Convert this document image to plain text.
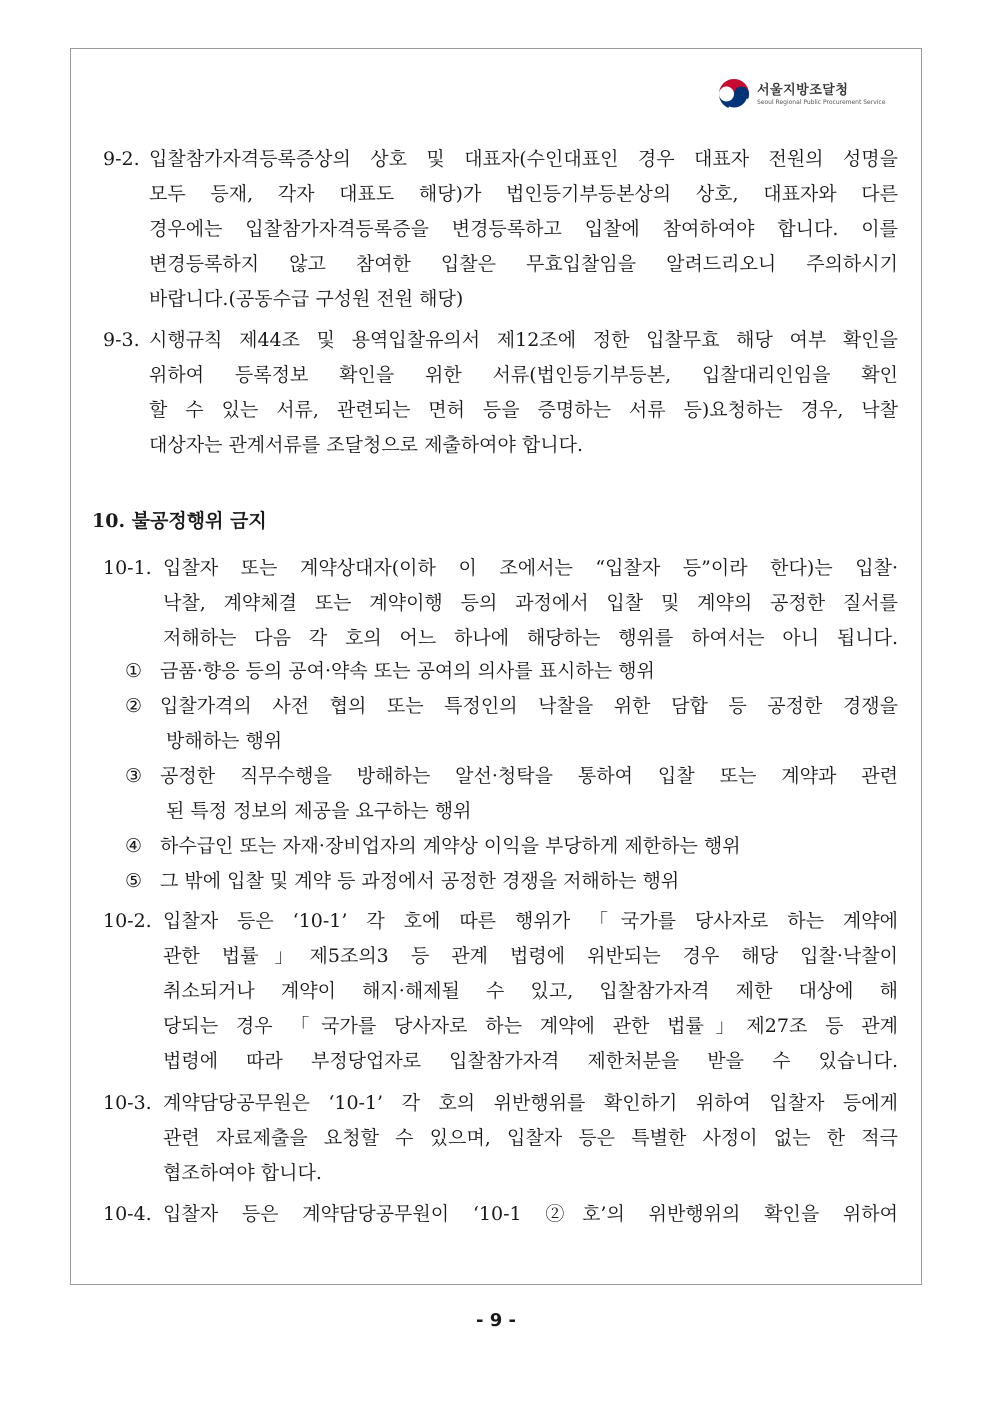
서울지방조달청
Seoul Regional Public Procurement Service
9-2. 입찰참가자격등록증상의 상호 및 대표자(수인대표인 경우 대표자 전원의 성명을
모두 등재, 각자 대표도 해당)가 법인등기부등본상의 상호, 대표자와 다른
경우에는 입찰참가자격등록증을 변경등록하고 입찰에 참여하여야 합니다. 이를
변경등록하지 않고 참여한 입찰은 무효입찰임을 알려드리오니 주의하시기
바랍니다.(공동수급 구성원 전원 해당)
9-3. 시행규칙 제44조 및 용역입찰유의서 제12조에 정한 입찰무효 해당 여부 확인을
위하여 등록정보 확인을 위한 서류(법인등기부등본, 입찰대리인임을 확인
할 수 있는 서류, 관련되는 면허 등을 증명하는 서류 등)요청하는 경우, 낙찰
대상자는 관계서류를 조달청으로 제출하여야 합니다.
10. 불공정행위 금지
10-1. 입찰자 또는 계약상대자(이하 이 조에서는 “입찰자 등”이라 한다)는 입찰·
낙찰, 계약체결 또는 계약이행 등의 과정에서 입찰 및 계약의 공정한 질서를
저해하는 다음 각 호의 어느 하나에 해당하는 행위를 하여서는 아니 됩니다.
① 금품·향응 등의 공여·약속 또는 공여의 의사를 표시하는 행위
② 입찰가격의 사전 협의 또는 특정인의 낙찰을 위한 담합 등 공정한 경쟁을
방해하는 행위
③ 공정한 직무수행을 방해하는 알선·청탁을 통하여 입찰 또는 계약과 관련
된 특정 정보의 제공을 요구하는 행위
④ 하수급인 또는 자재·장비업자의 계약상 이익을 부당하게 제한하는 행위
⑤ 그 밖에 입찰 및 계약 등 과정에서 공정한 경쟁을 저해하는 행위
10-2. 입찰자 등은 ‘10-1’ 각 호에 따른 행위가 「국가를 당사자로 하는 계약에
관한 법률」제5조의3 등 관계 법령에 위반되는 경우 해당 입찰·낙찰이
취소되거나 계약이 해지·해제될 수 있고, 입찰참가자격 제한 대상에 해
당되는 경우 「국가를 당사자로 하는 계약에 관한 법률」제27조 등 관계
법령에 따라 부정당업자로 입찰참가자격 제한처분을 받을 수 있습니다.
10-3. 계약담당공무원은 ‘10-1’ 각 호의 위반행위를 확인하기 위하여 입찰자 등에게
관련 자료제출을 요청할 수 있으며, 입찰자 등은 특별한 사정이 없는 한 적극
협조하여야 합니다.
10-4. 입찰자 등은 계약담당공무원이 ‘10-1 ②호’의 위반행위의 확인을 위하여
- 9 -
